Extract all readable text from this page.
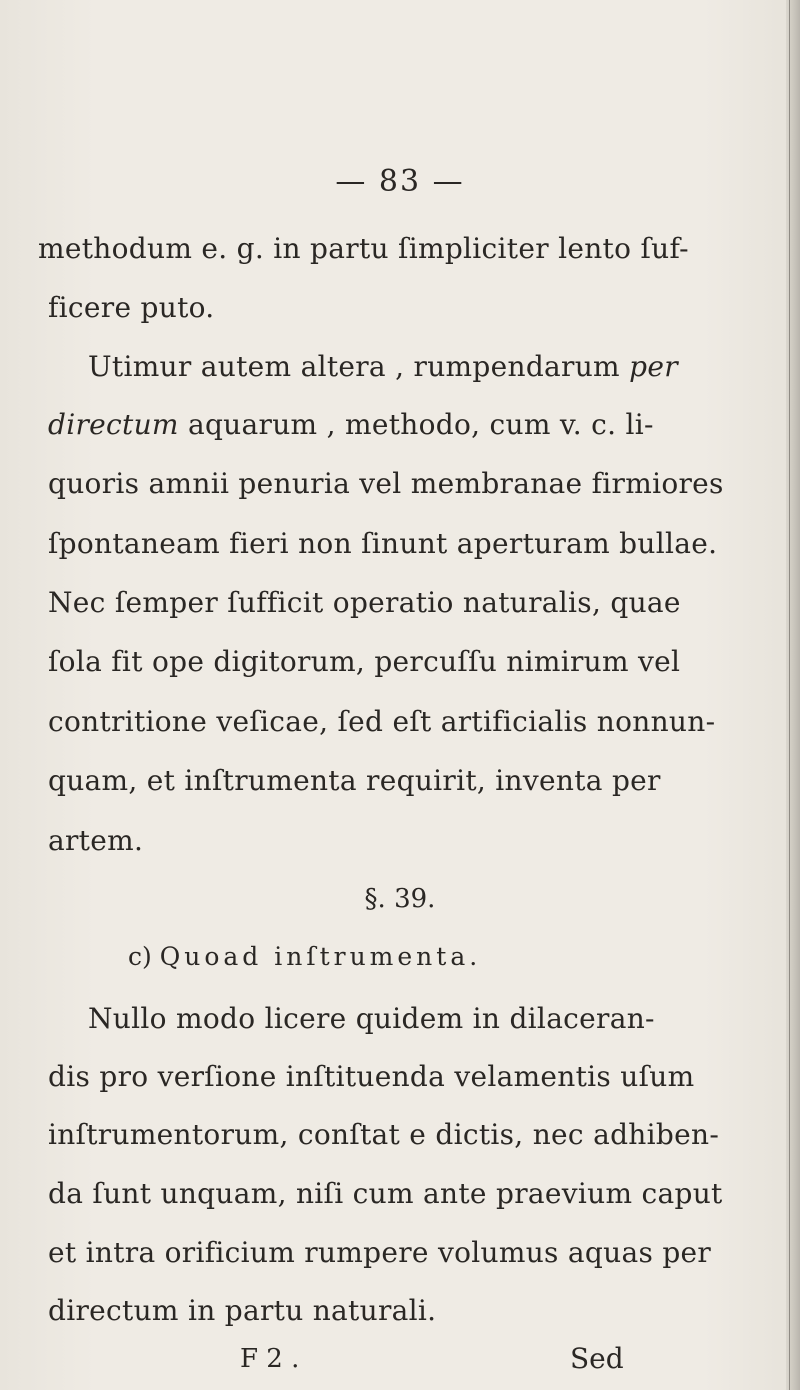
— 83 —
methodum e. g. in partu ſimpliciter lento ſuf-
ficere puto.
Utimur autem altera , rumpendarum per
directum aquarum , methodo, cum v. c. li-
quoris amnii penuria vel membranae firmiores
ſpontaneam fieri non ſinunt aperturam bullae.
Nec ſemper ſufficit operatio naturalis, quae
ſola fit ope digitorum, percuſſu nimirum vel
contritione veſicae, ſed eſt artificialis nonnun-
quam, et inſtrumenta requirit, inventa per
artem.
§. 39.
c) Quoad inſtrumenta.
Nullo modo licere quidem in dilaceran-
dis pro verſione inſtituenda velamentis uſum
inſtrumentorum, conſtat e dictis, nec adhiben-
da ſunt unquam, niſi cum ante praevium caput
et intra orificium rumpere volumus aquas per
directum in partu naturali.
F 2 .	Sed
